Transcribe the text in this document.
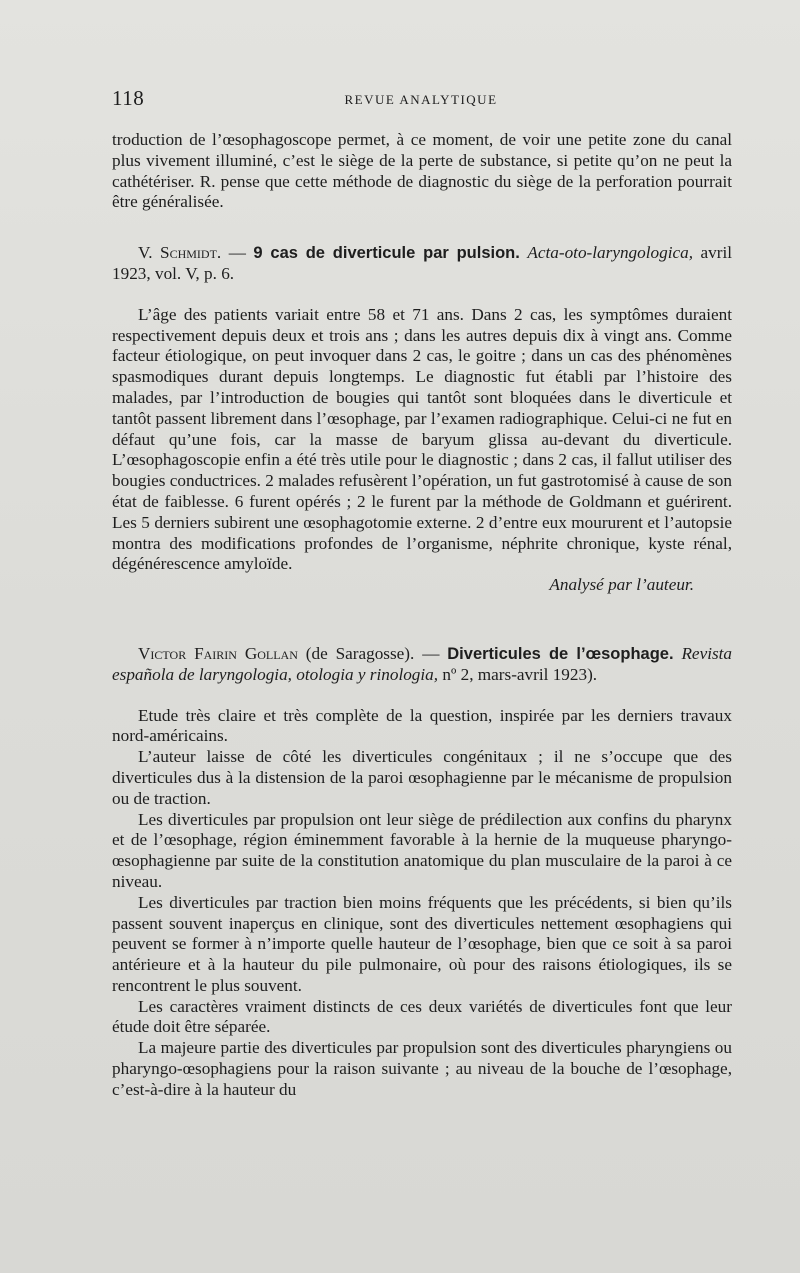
118	REVUE ANALYTIQUE

troduction de l’œsophagoscope permet, à ce moment, de voir une petite zone du canal plus vivement illuminé, c’est le siège de la perte de substance, si petite qu’on ne peut la cathétériser. R. pense que cette méthode de diagnostic du siège de la perforation pourrait être généralisée.

V. Schmidt. — 9 cas de diverticule par pulsion. Acta-oto-laryngologica, avril 1923, vol. V, p. 6.

L’âge des patients variait entre 58 et 71 ans. Dans 2 cas, les symptômes duraient respectivement depuis deux et trois ans ; dans les autres depuis dix à vingt ans. Comme facteur étiologique, on peut invoquer dans 2 cas, le goitre ; dans un cas des phénomènes spasmodiques durant depuis longtemps. Le diagnostic fut établi par l’histoire des malades, par l’introduction de bougies qui tantôt sont bloquées dans le diverticule et tantôt passent librement dans l’œsophage, par l’examen radiographique. Celui-ci ne fut en défaut qu’une fois, car la masse de baryum glissa au-devant du diverticule. L’œsophagoscopie enfin a été très utile pour le diagnostic ; dans 2 cas, il fallut utiliser des bougies conductrices. 2 malades refusèrent l’opération, un fut gastrotomisé à cause de son état de faiblesse. 6 furent opérés ; 2 le furent par la méthode de Goldmann et guérirent. Les 5 derniers subirent une œsophagotomie externe. 2 d’entre eux moururent et l’autopsie montra des modifications profondes de l’organisme, néphrite chronique, kyste rénal, dégénérescence amyloïde.

Analysé par l’auteur.

Victor Fairin Gollan (de Saragosse). — Diverticules de l’œsophage. Revista española de laryngologia, otologia y rinologia, nº 2, mars-avril 1923).

Etude très claire et très complète de la question, inspirée par les derniers travaux nord-américains.

L’auteur laisse de côté les diverticules congénitaux ; il ne s’occupe que des diverticules dus à la distension de la paroi œsophagienne par le mécanisme de propulsion ou de traction.

Les diverticules par propulsion ont leur siège de prédilection aux confins du pharynx et de l’œsophage, région éminemment favorable à la hernie de la muqueuse pharyngo-œsophagienne par suite de la constitution anatomique du plan musculaire de la paroi à ce niveau.

Les diverticules par traction bien moins fréquents que les précédents, si bien qu’ils passent souvent inaperçus en clinique, sont des diverticules nettement œsophagiens qui peuvent se former à n’importe quelle hauteur de l’œsophage, bien que ce soit à sa paroi antérieure et à la hauteur du pile pulmonaire, où pour des raisons étiologiques, ils se rencontrent le plus souvent.

Les caractères vraiment distincts de ces deux variétés de diverticules font que leur étude doit être séparée.

La majeure partie des diverticules par propulsion sont des diverticules pharyngiens ou pharyngo-œsophagiens pour la raison suivante ; au niveau de la bouche de l’œsophage, c’est-à-dire à la hauteur du
